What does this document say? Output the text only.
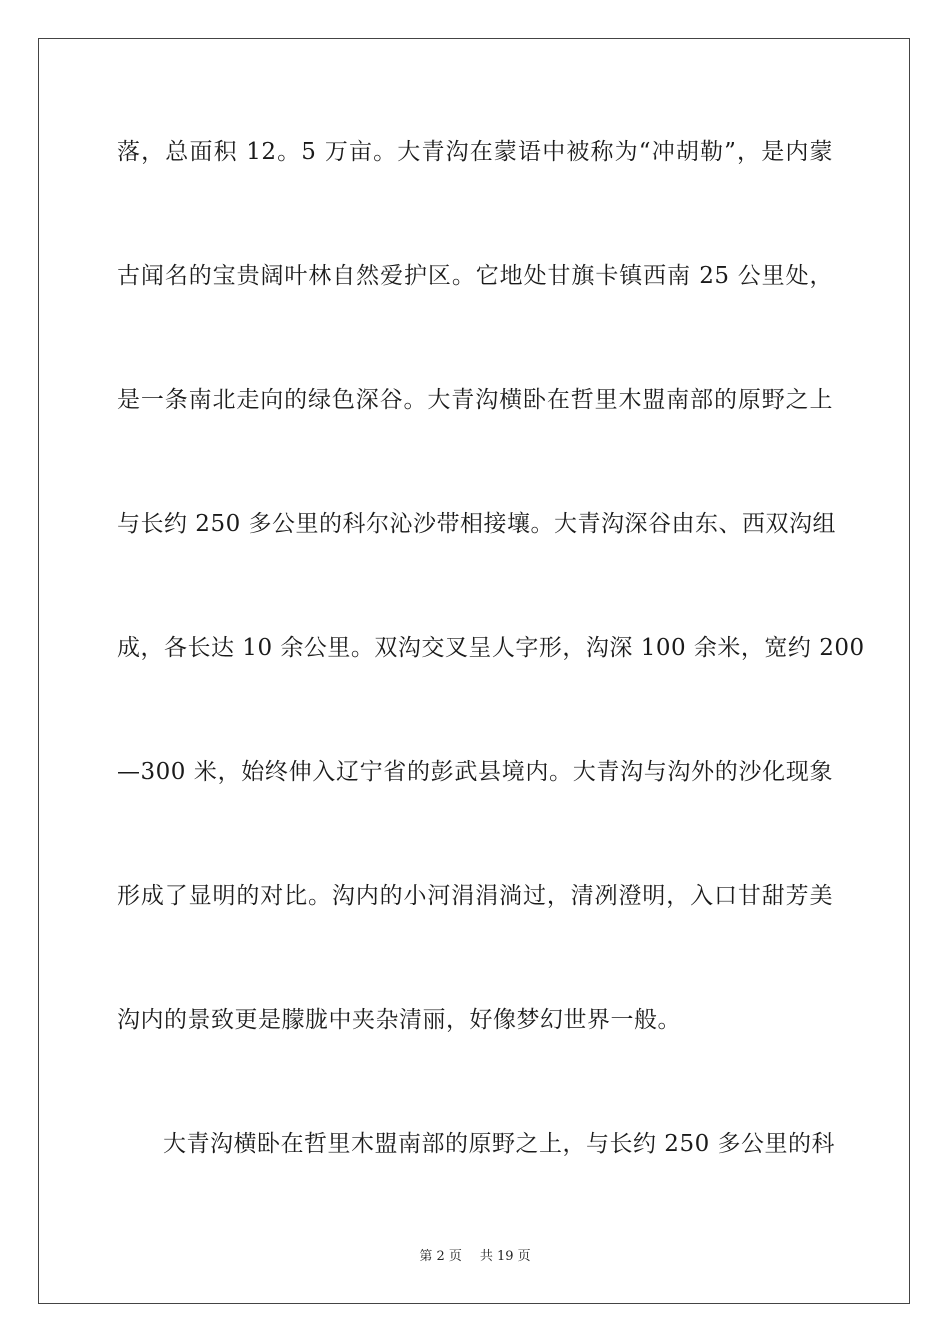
落，总面积 12。5 万亩。大青沟在蒙语中被称为“冲胡勒”，是内蒙
古闻名的宝贵阔叶林自然爱护区。它地处甘旗卡镇西南 25 公里处，
是一条南北走向的绿色深谷。大青沟横卧在哲里木盟南部的原野之上
与长约 250 多公里的科尔沁沙带相接壤。大青沟深谷由东、西双沟组
成，各长达 10 余公里。双沟交叉呈人字形，沟深 100 余米，宽约 200
—300 米，始终伸入辽宁省的彭武县境内。大青沟与沟外的沙化现象
形成了显明的对比。沟内的小河涓涓淌过，清冽澄明，入口甘甜芳美
沟内的景致更是朦胧中夹杂清丽，好像梦幻世界一般。
大青沟横卧在哲里木盟南部的原野之上，与长约 250 多公里的科
第 2 页 共 19 页
